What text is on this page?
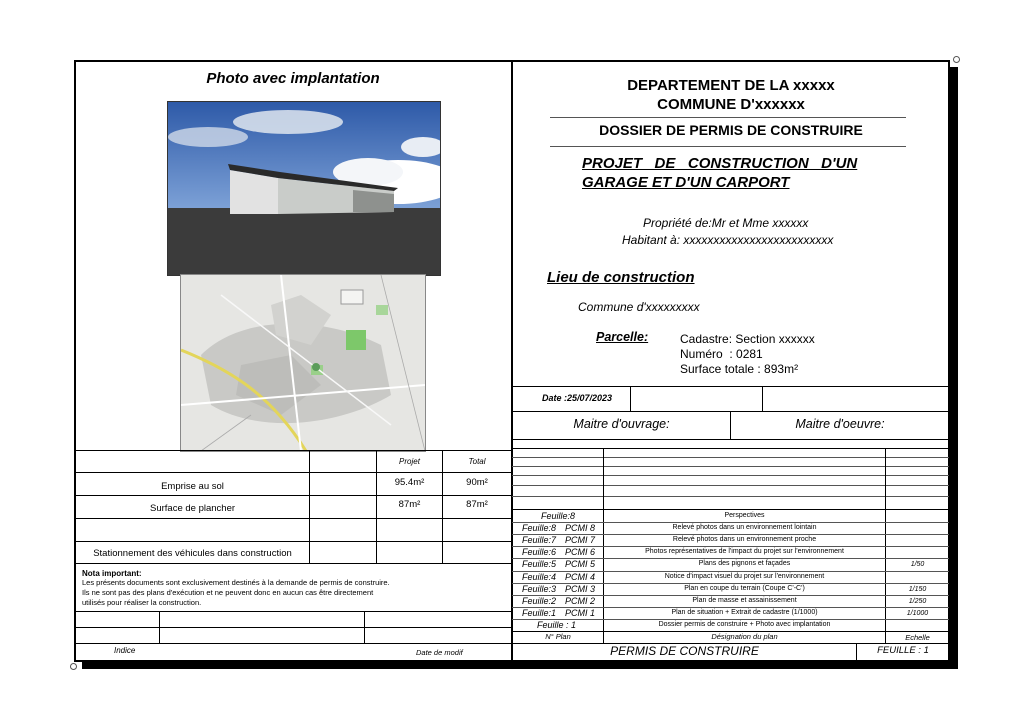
Photo avec implantation
Projet	Total
Emprise au sol	95.4m²	90m²
Surface de plancher	87m²	87m²
Stationnement des véhicules dans construction
Nota important:
Les présents documents sont exclusivement destinés à la demande de permis de construire.
Ils ne sont pas des plans d'exécution et ne peuvent donc en aucun cas être directement
utilisés pour réaliser la construction.
Indice	Date de modif
DEPARTEMENT DE LA xxxxx
COMMUNE D'xxxxxx
DOSSIER DE PERMIS DE CONSTRUIRE
PROJET   DE   CONSTRUCTION   D'UN
GARAGE ET D'UN CARPORT
Propriété de:Mr et Mme xxxxxx
Habitant à: xxxxxxxxxxxxxxxxxxxxxxxxx
Lieu de construction
Commune d'xxxxxxxxx
Parcelle:	Cadastre: Section xxxxxx
Numéro  : 0281
Surface totale : 893m²
Date :25/07/2023
Maitre d'ouvrage:	Maitre d'oeuvre:
Feuille:8	Perspectives
Feuille:8 PCMI 8	Relevé photos dans un environnement lointain
Feuille:7 PCMI 7	Relevé photos dans un environnement proche
Feuille:6 PCMI 6	Photos représentatives de l'impact du projet sur l'environnement
Feuille:5 PCMI 5	Plans des pignons et façades	1/50
Feuille:4 PCMI 4	Notice d'impact visuel du projet sur l'environnement
Feuille:3 PCMI 3	Plan en coupe du terrain (Coupe C'-C')	1/150
Feuille:2 PCMI 2	Plan de masse et assainissement	1/250
Feuille:1 PCMI 1	Plan de situation + Extrait de cadastre (1/1000)	1/1000
Feuille : 1	Dossier permis de construire + Photo avec implantation
N° Plan	Désignation du plan	Echelle
PERMIS DE CONSTRUIRE	FEUILLE : 1
